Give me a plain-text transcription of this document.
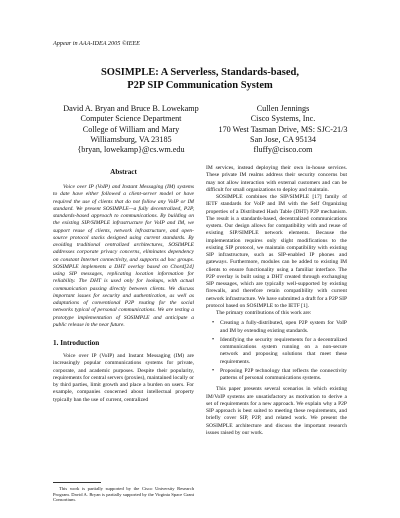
Appear in AAA-IDEA 2005 ©IEEE
SOSIMPLE: A Serverless, Standards-based,
P2P SIP Communication System
David A. Bryan and Bruce B. Lowekamp
Computer Science Department
College of William and Mary
Williamsburg, VA 23185
{bryan, lowekamp}@cs.wm.edu
Cullen Jennings
Cisco Systems, Inc.
170 West Tasman Drive, MS: SJC-21/3
San Jose, CA 95134
fluffy@cisco.com
Abstract

Voice over IP (VoIP) and Instant Messaging (IM) systems to date have either followed a client-server model or have required the use of clients that do not follow any VoIP or IM standard. We present SOSIMPLE—a fully decentralized, P2P, standards-based approach to communications. By building on the existing SIP/SIMPLE infrastructure for VoIP and IM, we support reuse of clients, network infrastructure, and open-source protocol stacks designed using current standards. By avoiding traditional centralized architectures, SOSIMPLE addresses corporate privacy concerns, eliminates dependency on constant Internet connectivity, and supports ad hoc groups. SOSIMPLE implements a DHT overlay based on Chord[24] using SIP messages, replicating location information for reliability. The DHT is used only for lookups, with actual communication passing directly between clients. We discuss important issues for security and authentication, as well as adaptations of conventional P2P routing for the social networks typical of personal communications. We are testing a prototype implementation of SOSIMPLE and anticipate a public release in the near future.

1. Introduction

Voice over IP (VoIP) and Instant Messaging (IM) are increasingly popular communications systems for private, corporate, and academic purposes. Despite their popularity, requirements for central servers (proxies), maintained locally or by third parties, limit growth and place a burden on users. For example, companies concerned about intellectual property typically ban the use of current, centralized

This work is partially supported by the Cisco University Research Program. David A. Bryan is partially supported by the Virginia Space Grant Consortium.

IM services, instead deploying their own in-house services. These private IM realms address their security concerns but may not allow interaction with external customers and can be difficult for small organizations to deploy and maintain.

SOSIMPLE combines the SIP/SIMPLE [17] family of IETF standards for VoIP and IM with the Self Organizing properties of a Distributed Hash Table (DHT) P2P mechanism. The result is a standards-based, decentralized communications system. Our design allows for compatibility with and reuse of existing SIP/SIMPLE network elements. Because the implementation requires only slight modifications to the existing SIP protocol, we maintain compatibility with existing SIP infrastructure, such as SIP-enabled IP phones and gateways. Furthermore, modules can be added to existing IM clients to ensure functionality using a familiar interface. The P2P overlay is built using a DHT created through exchanging SIP messages, which are typically well-supported by existing firewalls, and therefore retain compatibility with current network infrastructure. We have submitted a draft for a P2P SIP protocol based on SOSIMPLE to the IETF [1].

The primary contributions of this work are:

• Creating a fully-distributed, open P2P system for VoIP and IM by extending existing standards.
• Identifying the security requirements for a decentralized communications system running on a non-secure network and proposing solutions that meet these requirements.
• Proposing P2P technology that reflects the connectivity patterns of personal communications systems.

This paper presents several scenarios in which existing IM/VoIP systems are unsatisfactory as motivation to derive a set of requirements for a new approach. We explain why a P2P SIP approach is best suited to meeting these requirements, and briefly cover SIP, P2P, and related work. We present the SOSIMPLE architecture and discuss the important research issues raised by our work.
